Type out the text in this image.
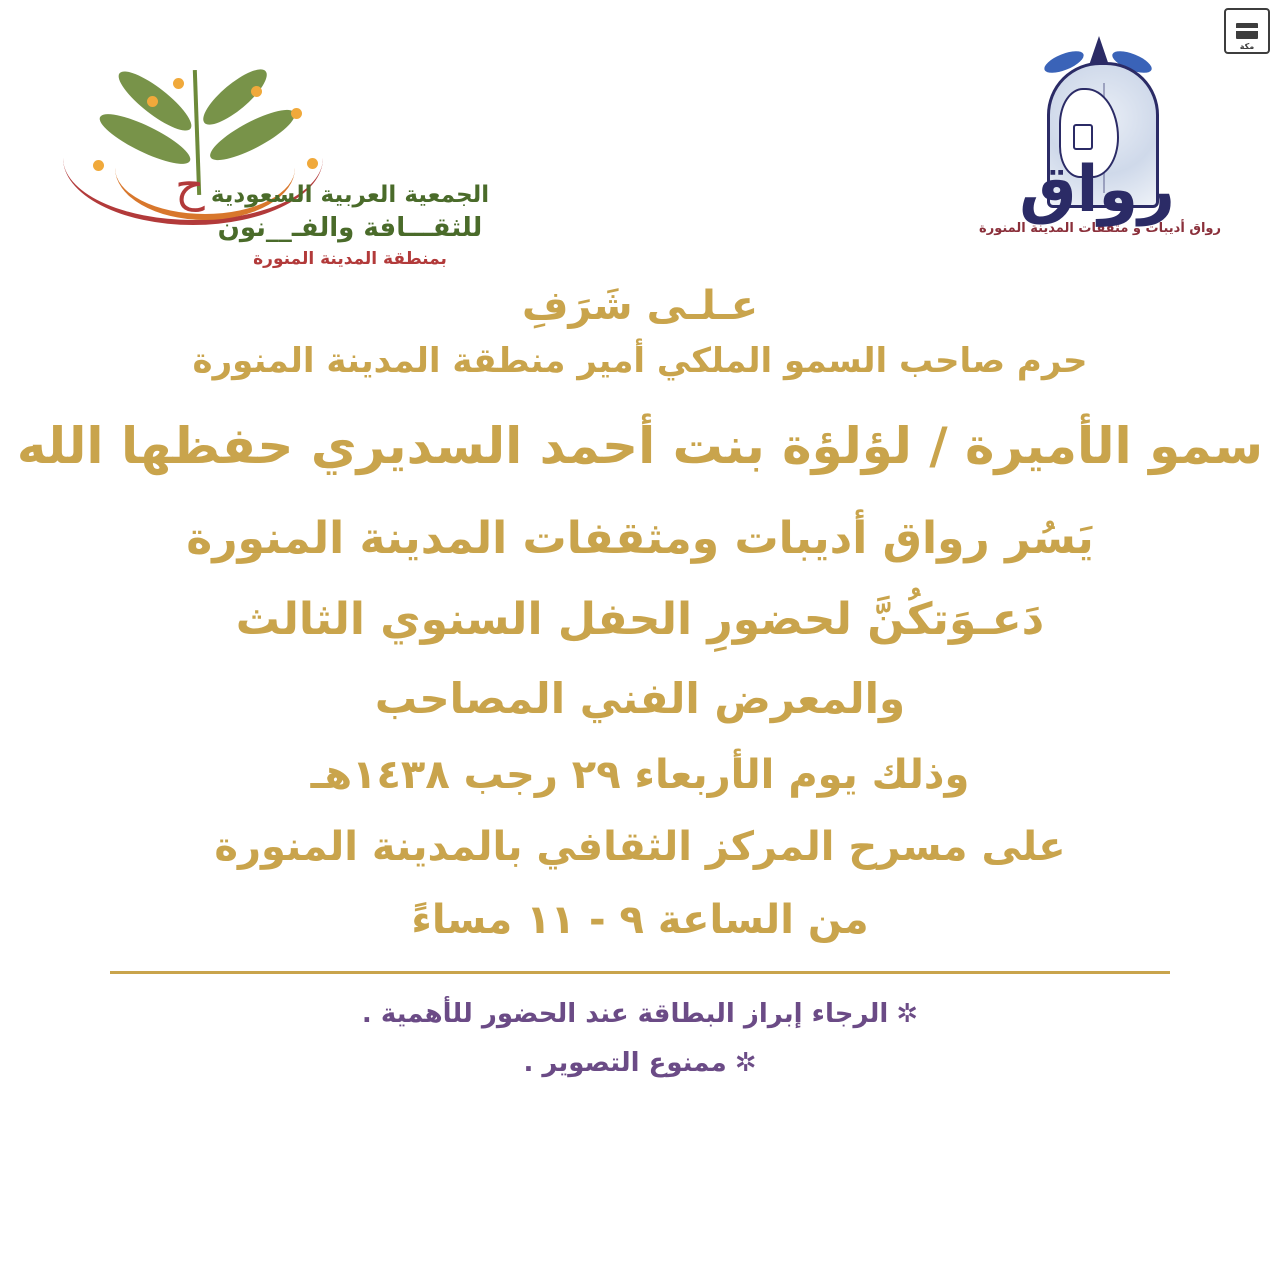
مكة
ح الجمعية العربية السعودية
للثقـــافة والفـ__نون
بمنطقة المدينة المنورة
رواق
رواق أديبات و مثقفات المدينة المنورة
عـلـى شَرَفِ
حرم صاحب السمو الملكي أمير منطقة المدينة المنورة
سمو الأميرة / لؤلؤة بنت أحمد السديري حفظها الله
يَسُر رواق أديبات ومثقفات المدينة المنورة
دَعـوَتكُنَّ لحضورِ الحفل السنوي الثالث
والمعرض الفني المصاحب
وذلك يوم الأربعاء ٢٩ رجب ١٤٣٨هـ
على مسرح المركز الثقافي بالمدينة المنورة
من الساعة ٩ - ١١ مساءً
✲الرجاء إبراز البطاقة عند الحضور للأهمية .
✲ممنوع التصوير .
